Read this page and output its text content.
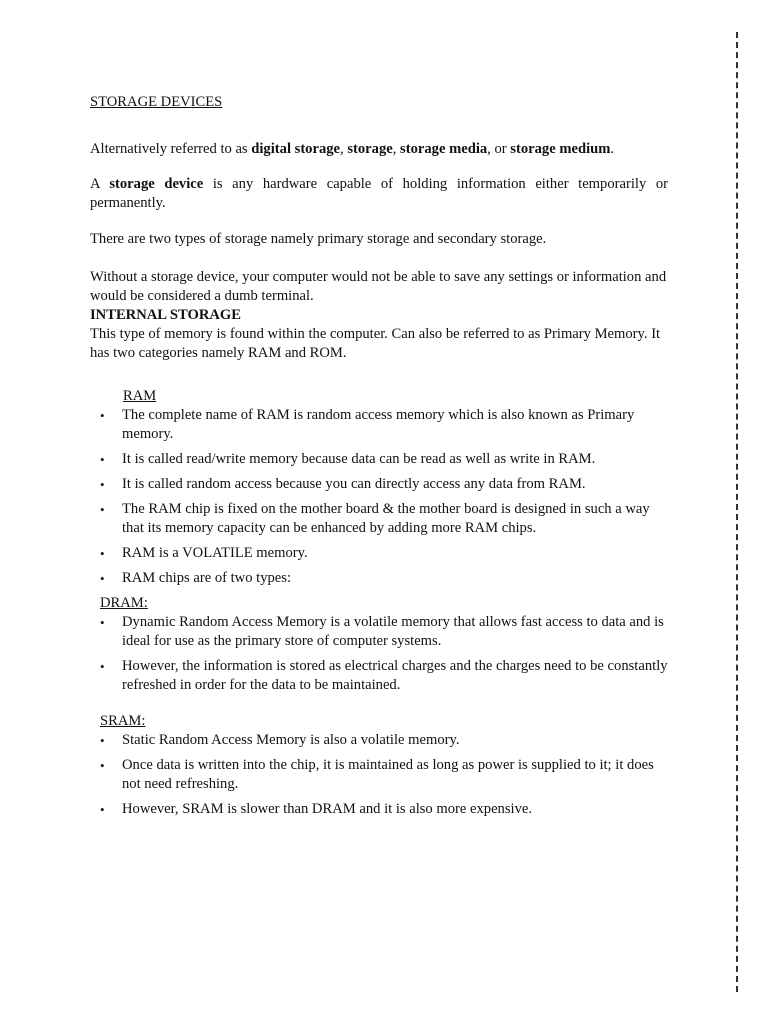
STORAGE DEVICES

Alternatively referred to as digital storage, storage, storage media, or storage medium.

A storage device is any hardware capable of holding information either temporarily or permanently.

There are two types of storage namely primary storage and secondary storage.

Without a storage device, your computer would not be able to save any settings or information and would be considered a dumb terminal.

INTERNAL STORAGE

This type of memory is found within the computer. Can also be referred to as Primary Memory. It has two categories namely RAM and ROM.

RAM
• The complete name of RAM is random access memory which is also known as Primary memory.
• It is called read/write memory because data can be read as well as write in RAM.
• It is called random access because you can directly access any data from RAM.
• The RAM chip is fixed on the mother board & the mother board is designed in such a way that its memory capacity can be enhanced by adding more RAM chips.
• RAM is a VOLATILE memory.
• RAM chips are of two types:
DRAM:
• Dynamic Random Access Memory is a volatile memory that allows fast access to data and is ideal for use as the primary store of computer systems.
• However, the information is stored as electrical charges and the charges need to be constantly refreshed in order for the data to be maintained.
SRAM:
• Static Random Access Memory is also a volatile memory.
• Once data is written into the chip, it is maintained as long as power is supplied to it; it does not need refreshing.
• However, SRAM is slower than DRAM and it is also more expensive.
